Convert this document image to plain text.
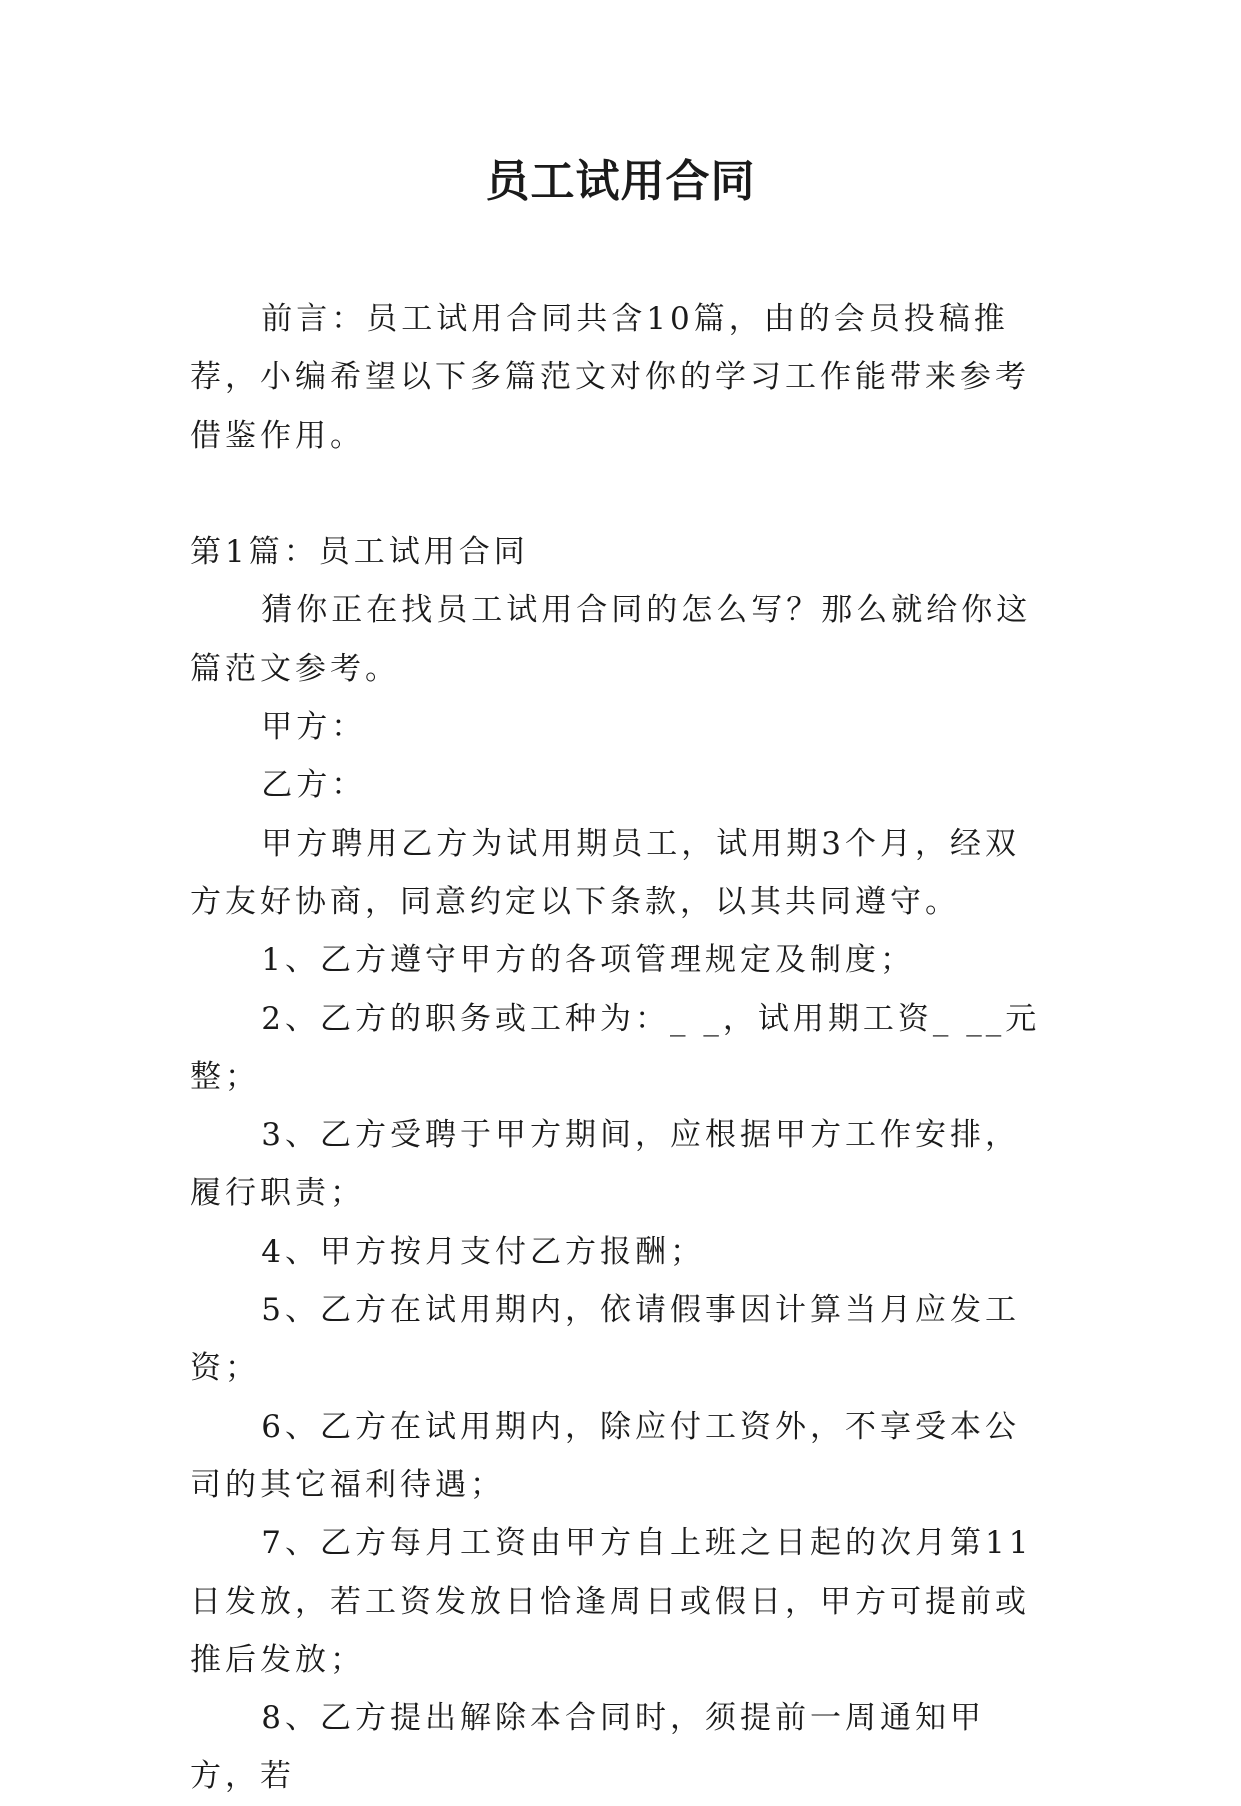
员工试用合同

前言：员工试用合同共含10篇，由的会员投稿推荐，小编希望以下多篇范文对你的学习工作能带来参考借鉴作用。

第1篇：员工试用合同

猜你正在找员工试用合同的怎么写？那么就给你这篇范文参考。

甲方：

乙方：

甲方聘用乙方为试用期员工，试用期3个月，经双方友好协商，同意约定以下条款，以其共同遵守。

1、乙方遵守甲方的各项管理规定及制度；

2、乙方的职务或工种为：_ _，试用期工资_ __元整；

3、乙方受聘于甲方期间，应根据甲方工作安排，履行职责；

4、甲方按月支付乙方报酬；

5、乙方在试用期内，依请假事因计算当月应发工资；

6、乙方在试用期内，除应付工资外，不享受本公司的其它福利待遇；

7、乙方每月工资由甲方自上班之日起的次月第11日发放，若工资发放日恰逢周日或假日，甲方可提前或推后发放；

8、乙方提出解除本合同时，须提前一周通知甲方，若
